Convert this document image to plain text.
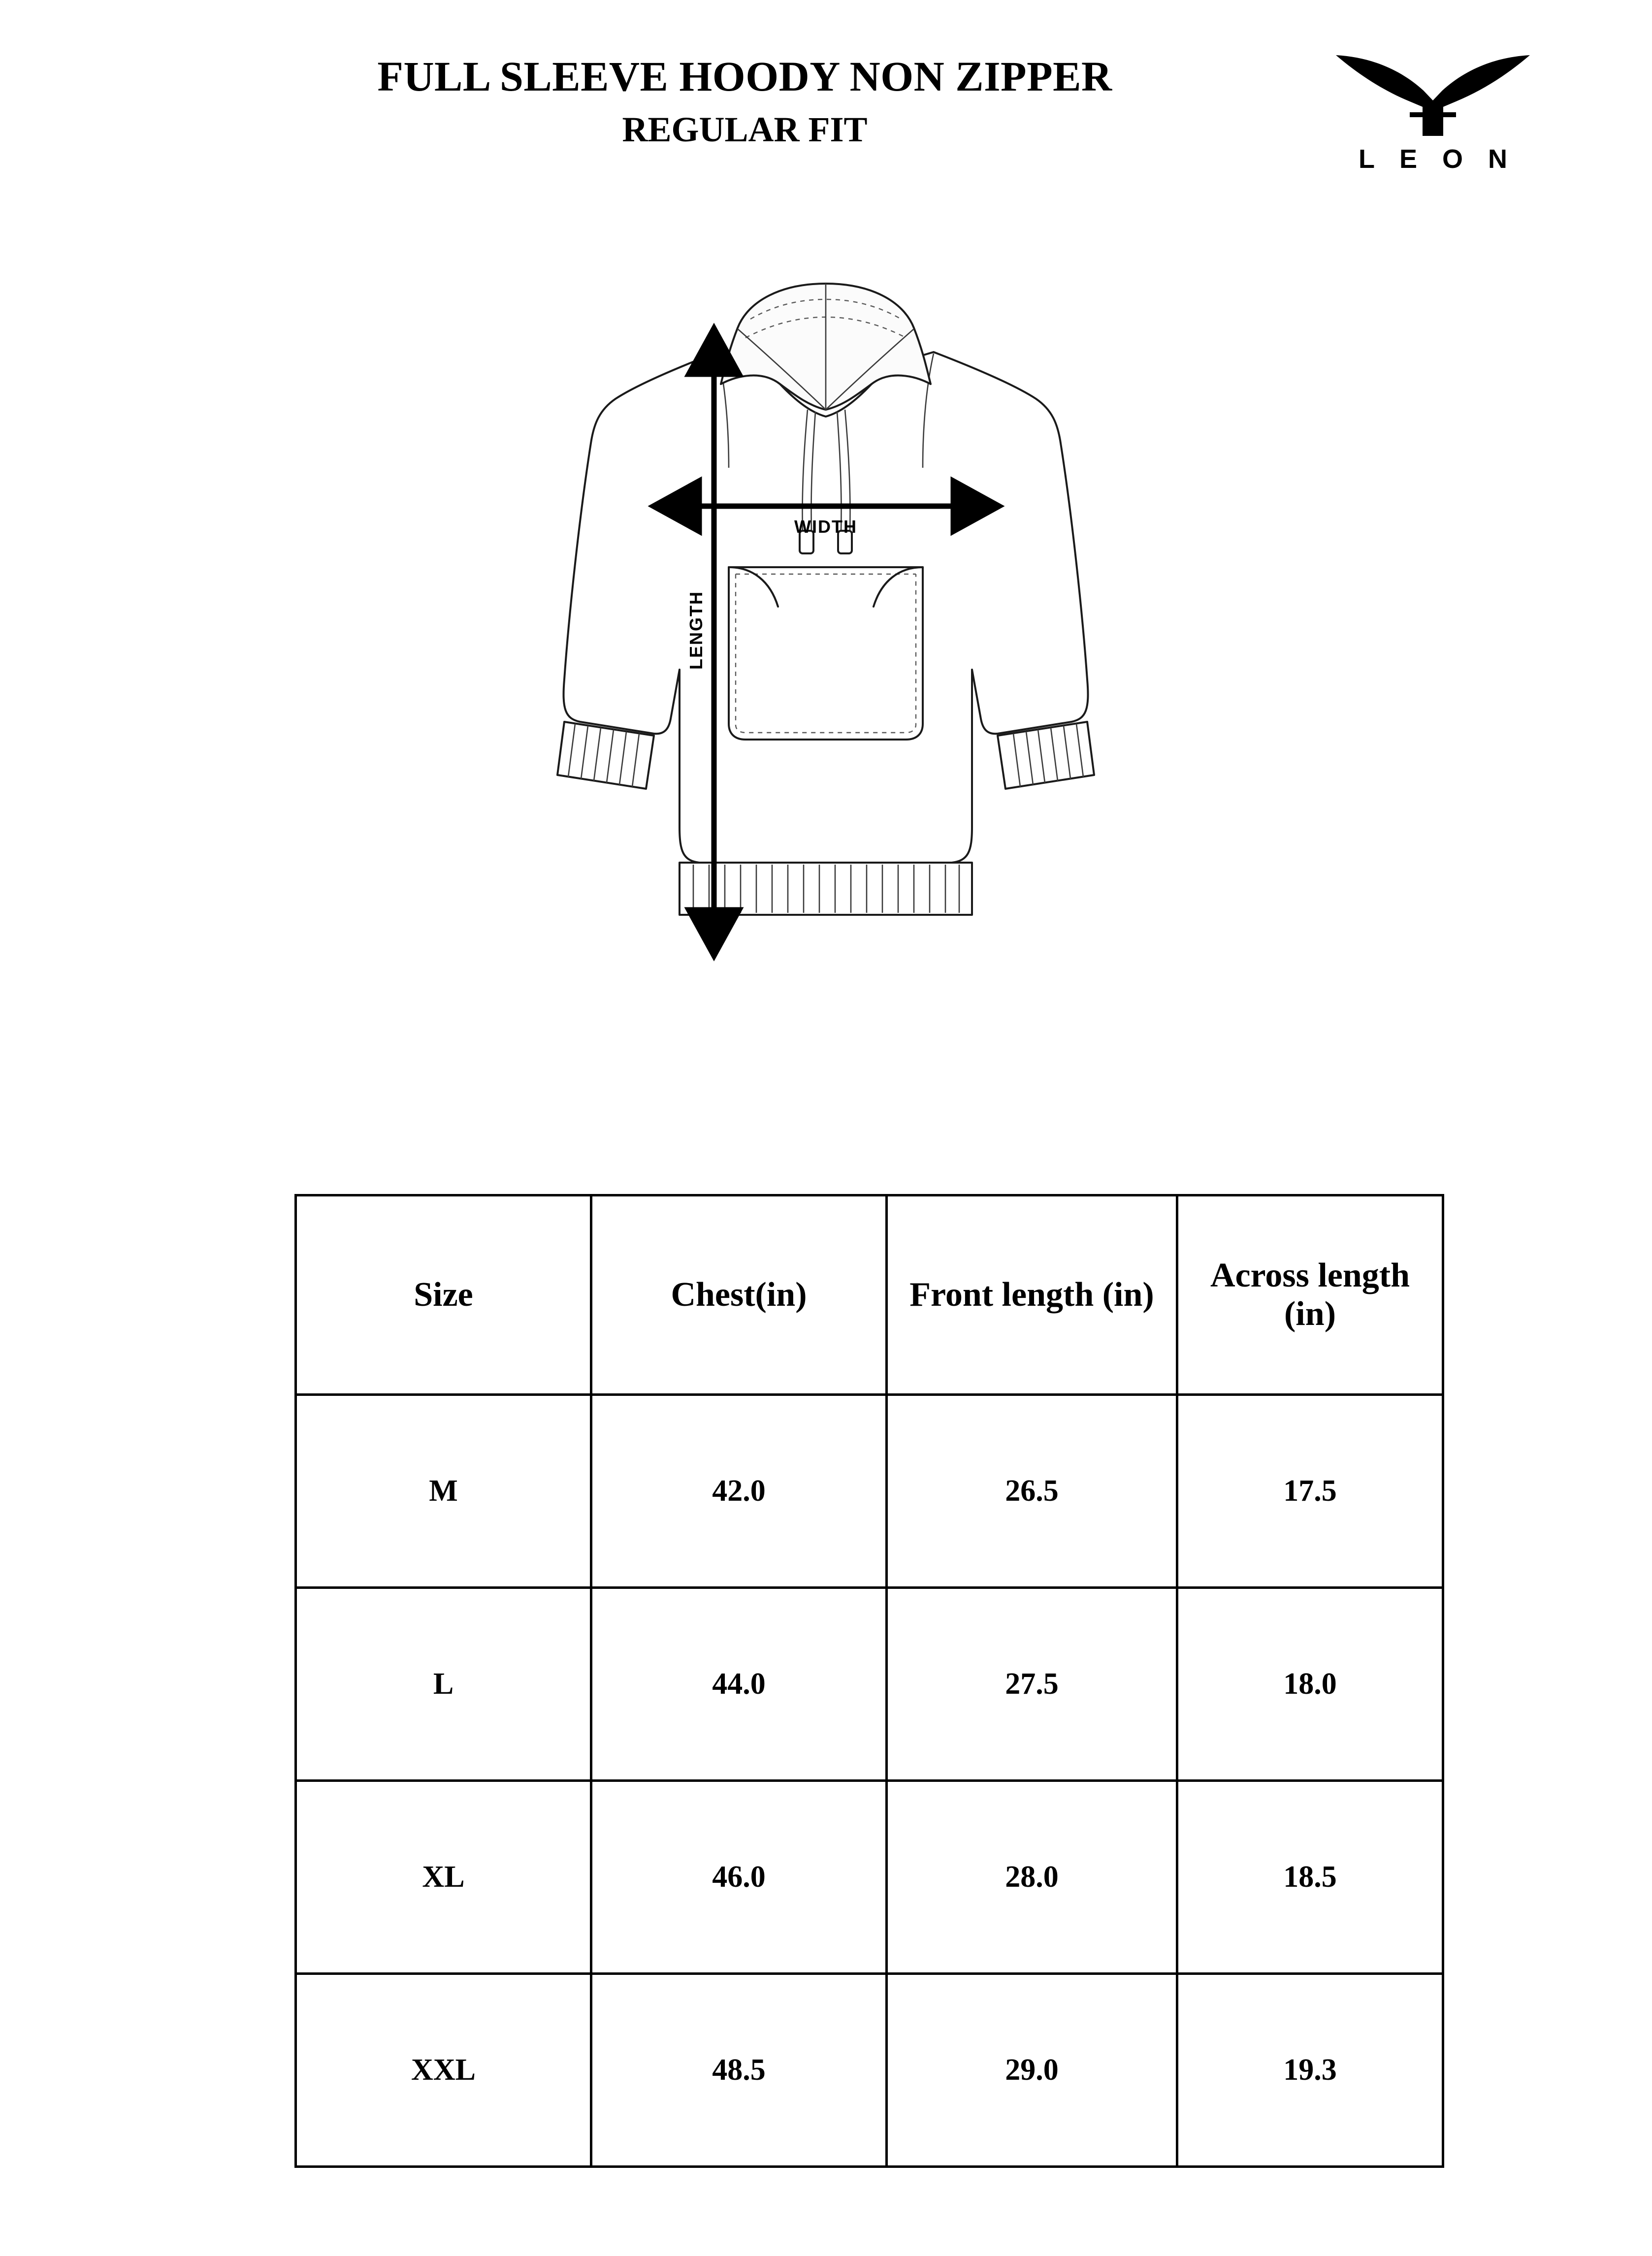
FULL SLEEVE HOODY NON ZIPPER
REGULAR FIT
L E O N
WIDTH
LENGTH
Size	Chest(in)	Front length (in)	Across length (in)
M	42.0	26.5	17.5
L	44.0	27.5	18.0
XL	46.0	28.0	18.5
XXL	48.5	29.0	19.3
